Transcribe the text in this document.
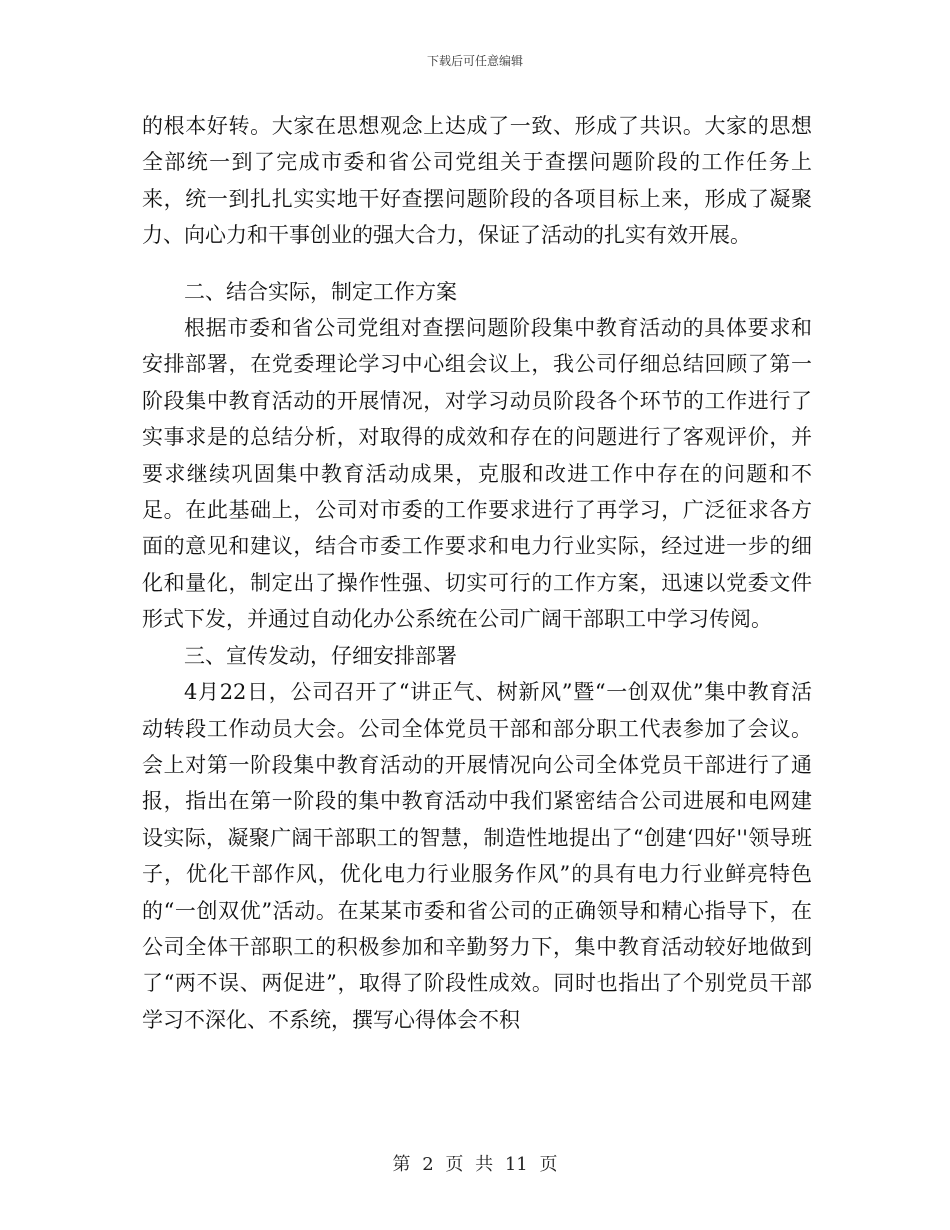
下载后可任意编辑

的根本好转。大家在思想观念上达成了一致、形成了共识。大家的思想全部统一到了完成市委和省公司党组关于查摆问题阶段的工作任务上来，统一到扎扎实实地干好查摆问题阶段的各项目标上来，形成了凝聚力、向心力和干事创业的强大合力，保证了活动的扎实有效开展。

二、结合实际，制定工作方案

根据市委和省公司党组对查摆问题阶段集中教育活动的具体要求和安排部署，在党委理论学习中心组会议上，我公司仔细总结回顾了第一阶段集中教育活动的开展情况，对学习动员阶段各个环节的工作进行了实事求是的总结分析，对取得的成效和存在的问题进行了客观评价，并要求继续巩固集中教育活动成果，克服和改进工作中存在的问题和不足。在此基础上，公司对市委的工作要求进行了再学习，广泛征求各方面的意见和建议，结合市委工作要求和电力行业实际，经过进一步的细化和量化，制定出了操作性强、切实可行的工作方案，迅速以党委文件形式下发，并通过自动化办公系统在公司广阔干部职工中学习传阅。

三、宣传发动，仔细安排部署

4月22日，公司召开了“讲正气、树新风”暨“一创双优”集中教育活动转段工作动员大会。公司全体党员干部和部分职工代表参加了会议。会上对第一阶段集中教育活动的开展情况向公司全体党员干部进行了通报，指出在第一阶段的集中教育活动中我们紧密结合公司进展和电网建设实际，凝聚广阔干部职工的智慧，制造性地提出了“创建‘四好''领导班子，优化干部作风，优化电力行业服务作风”的具有电力行业鲜亮特色的“一创双优”活动。在某某市委和省公司的正确领导和精心指导下，在公司全体干部职工的积极参加和辛勤努力下，集中教育活动较好地做到了“两不误、两促进”，取得了阶段性成效。同时也指出了个别党员干部学习不深化、不系统，撰写心得体会不积

第 2 页 共 11 页
